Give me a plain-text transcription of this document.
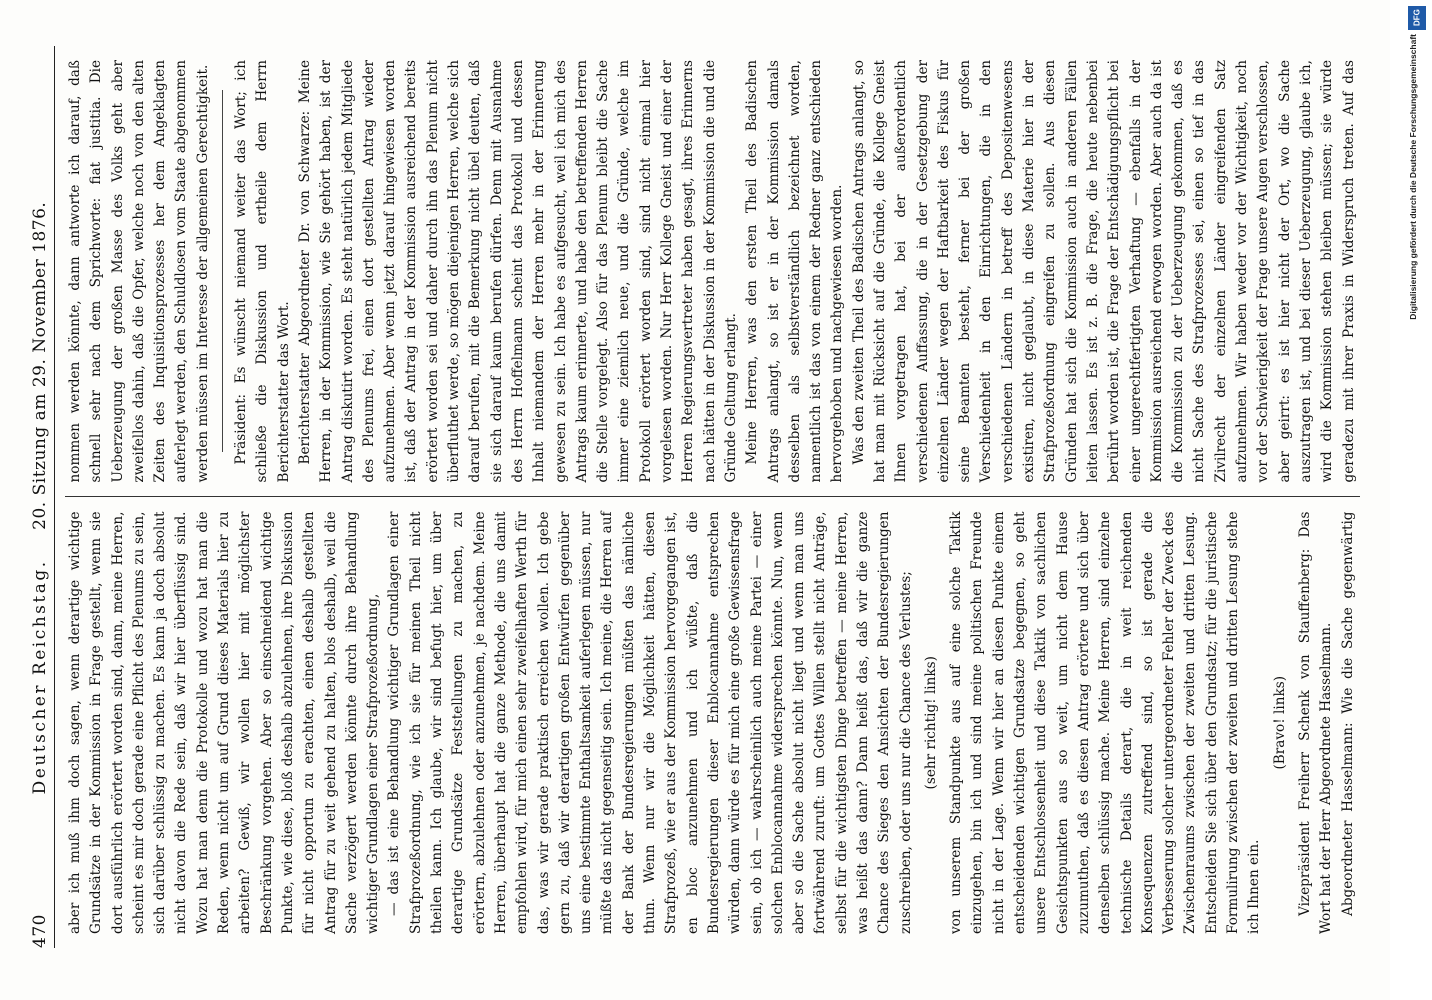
470
Deutscher Reichstag.     20. Sitzung am 29. November 1876.

aber ich muß ihm doch sagen, wenn derartige wichtige Grundsätze in der Kommission in Frage gestellt, wenn sie dort ausführlich erörtert worden sind, dann, meine Herren, scheint es mir doch gerade eine Pflicht des Plenums zu sein, sich darüber schlüssig zu machen. Es kann ja doch absolut nicht davon die Rede sein, daß wir hier überflüssig sind. Wozu hat man denn die Protokolle und wozu hat man die Reden, wenn nicht um auf Grund dieses Materials hier zu arbeiten? Gewiß, wir wollen hier mit möglichster Beschränkung vorgehen. Aber so einschneidend wichtige Punkte, wie diese, bloß deshalb abzulehnen, ihre Diskussion für nicht opportun zu erachten, einen deshalb gestellten Antrag für zu weit gehend zu halten, blos deshalb, weil die Sache verzögert werden könnte durch ihre Behandlung wichtiger Grundlagen einer Strafprozeßordnung, — das ist eine Behandlung wichtiger Grundlagen einer Strafprozeßordnung, wie ich sie für meinen Theil nicht theilen kann. Ich glaube, wir sind befugt hier, um über derartige Grundsätze Feststellungen zu machen, zu erörtern, abzulehnen oder anzunehmen, je nachdem. Meine Herren, überhaupt hat die ganze Methode, die uns damit empfohlen wird, für mich einen sehr zweifelhaften Werth für das, was wir gerade praktisch erreichen wollen. Ich gebe gern zu, daß wir derartigen großen Entwürfen gegenüber uns eine bestimmte Enthaltsamkeit auferlegen müssen, nur müßte das nicht gegenseitig sein. Ich meine, die Herren auf der Bank der Bundesregierungen müßten das nämliche thun. Wenn nur wir die Möglichkeit hätten, diesen Strafprozeß, wie er aus der Kommission hervorgegangen ist, en bloc anzunehmen und ich wüßte, daß die Bundesregierungen dieser Enblocannahme entsprechen würden, dann würde es für mich eine große Gewissensfrage sein, ob ich — wahrscheinlich auch meine Partei — einer solchen Enblocannahme widersprechen könnte. Nun, wenn aber so die Sache absolut nicht liegt und wenn man uns fortwährend zuruft: um Gottes Willen stellt nicht Anträge, selbst für die wichtigsten Dinge betreffen — meine Herren, was heißt das dann? Dann heißt das, daß wir die ganze Chance des Sieges den Ansichten der Bundesregierungen zuschreiben, oder uns nur die Chance des Verlustes; (sehr richtig! links) von unserem Standpunkte aus auf eine solche Taktik einzugehen, bin ich und sind meine politischen Freunde nicht in der Lage. Wenn wir hier an diesen Punkte einem entscheidenden wichtigen Grundsatze begegnen, so geht unsere Entschlossenheit und diese Taktik von sachlichen Gesichtspunkten aus so weit, um nicht dem Hause zuzumuthen, daß es diesen Antrag erörtere und sich über denselben schlüssig mache. Meine Herren, sind einzelne technische Details derart, die in weit reichenden Konsequenzen zutreffend sind, so ist gerade die Verbesserung solcher untergeordneter Fehler der Zweck des Zwischenraums zwischen der zweiten und dritten Lesung. Entscheiden Sie sich über den Grundsatz; für die juristische Formulirung zwischen der zweiten und dritten Lesung stehe ich Ihnen ein.

(Bravo! links) Vizepräsident Freiherr Schenk von Stauffenberg: Das Wort hat der Herr Abgeordnete Hasselmann. Abgeordneter Hasselmann: Wie die Sache gegenwärtig

nommen werden könnte, dann antworte ich darauf, daß schnell sehr nach dem Sprichworte: fiat justitia. Die Ueberzeugung der großen Masse des Volks geht aber zweifellos dahin, daß die Opfer, welche noch von den alten Zeiten des Inquisitionsprozesses her dem Angeklagten auferlegt werden, den Schuldlosen vom Staate abgenommen werden müssen im Interesse der allgemeinen Gerechtigkeit. Präsident: Es wünscht niemand weiter das Wort; ich schließe die Diskussion und ertheile dem Herrn Berichterstatter das Wort. Berichterstatter Abgeordneter Dr. von Schwarze: Meine Herren, in der Kommission, wie Sie gehört haben, ist der Antrag diskutirt worden. Es steht natürlich jedem Mitgliede des Plenums frei, einen dort gestellten Antrag wieder aufzunehmen. Aber wenn jetzt darauf hingewiesen worden ist, daß der Antrag in der Kommission ausreichend bereits erörtert worden sei und daher durch ihn das Plenum nicht überfluthet werde, so mögen diejenigen Herren, welche sich darauf berufen, mit die Bemerkung nicht übel deuten, daß sie sich darauf kaum berufen dürfen. Denn mit Ausnahme des Herrn Hoffelmann scheint das Protokoll und dessen Inhalt niemandem der Herren mehr in der Erinnerung gewesen zu sein. Ich habe es aufgesucht, weil ich mich des Antrags kaum erinnerte, und habe den betreffenden Herren die Stelle vorgelegt. Also für das Plenum bleibt die Sache immer eine ziemlich neue, und die Gründe, welche im Protokoll erörtert worden sind, sind nicht einmal hier vorgelesen worden. Nur Herr Kollege Gneist und einer der Herren Regierungsvertreter haben gesagt, ihres Erinnerns nach hätten in der Diskussion in der Kommission die und die Gründe Geltung erlangt. Meine Herren, was den ersten Theil des Badischen Antrags anlangt, so ist er in der Kommission damals desselben als selbstverständlich bezeichnet worden, namentlich ist das von einem der Redner ganz entschieden hervorgehoben und nachgewiesen worden. Was den zweiten Theil des Badischen Antrags anlangt, so hat man mit Rücksicht auf die Gründe, die Kollege Gneist Ihnen vorgetragen hat, bei der außerordentlich verschiedenen Auffassung, die in der Gesetzgebung der einzelnen Länder wegen der Haftbarkeit des Fiskus für seine Beamten besteht, ferner bei der großen Verschiedenheit in den Einrichtungen, die in den verschiedenen Ländern in betreff des Depositenwesens existiren, nicht geglaubt, in diese Materie hier in der Strafprozeßordnung eingreifen zu sollen. Aus diesen Gründen hat sich die Kommission auch in anderen Fällen leiten lassen. Es ist z. B. die Frage, die heute nebenbei berührt worden ist, die Frage der Entschädigungspflicht bei einer ungerechtfertigten Verhaftung — ebenfalls in der Kommission ausreichend erwogen worden. Aber auch da ist die Kommission zu der Ueberzeugung gekommen, daß es nicht Sache des Strafprozesses sei, einen so tief in das Zivilrecht der einzelnen Länder eingreifenden Satz aufzunehmen. Wir haben weder vor der Wichtigkeit, noch vor der Schwierigkeit der Frage unsere Augen verschlossen, aber geirrt: es ist hier nicht der Ort, wo die Sache auszutragen ist, und bei dieser Ueberzeugung, glaube ich, wird die Kommission stehen bleiben müssen; sie würde geradezu mit ihrer Praxis in Widerspruch treten. Auf das

DFG
Digitalisierung gefördert durch die Deutsche Forschungsgemeinschaft
